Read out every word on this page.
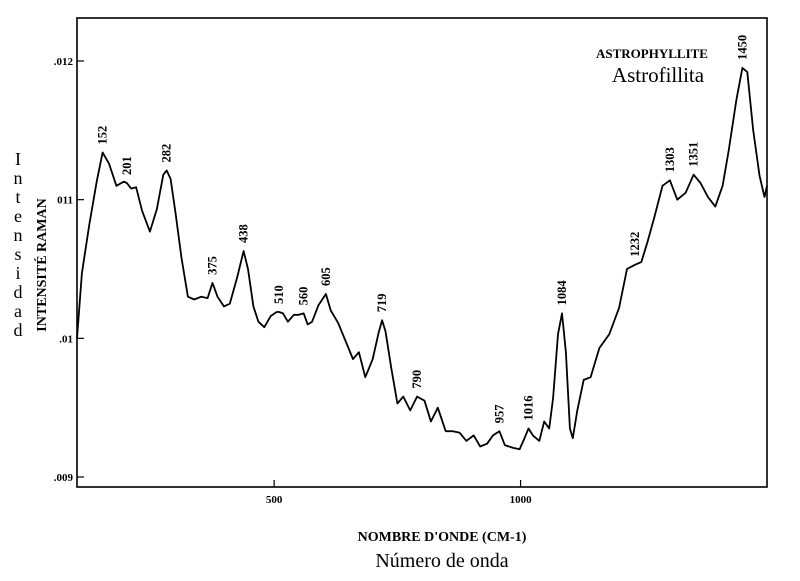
.009
.01
011
.012
500	1000
152
201
282
375
438
510 560
605
719
790
957 1016
1084
1232
1303 1351
1450
ASTROPHYLLITE
Astrofillita
NOMBRE D'ONDE (CM-1)
Número de onda
INTENSITÉ RAMAN
I n t e n s i d a d
